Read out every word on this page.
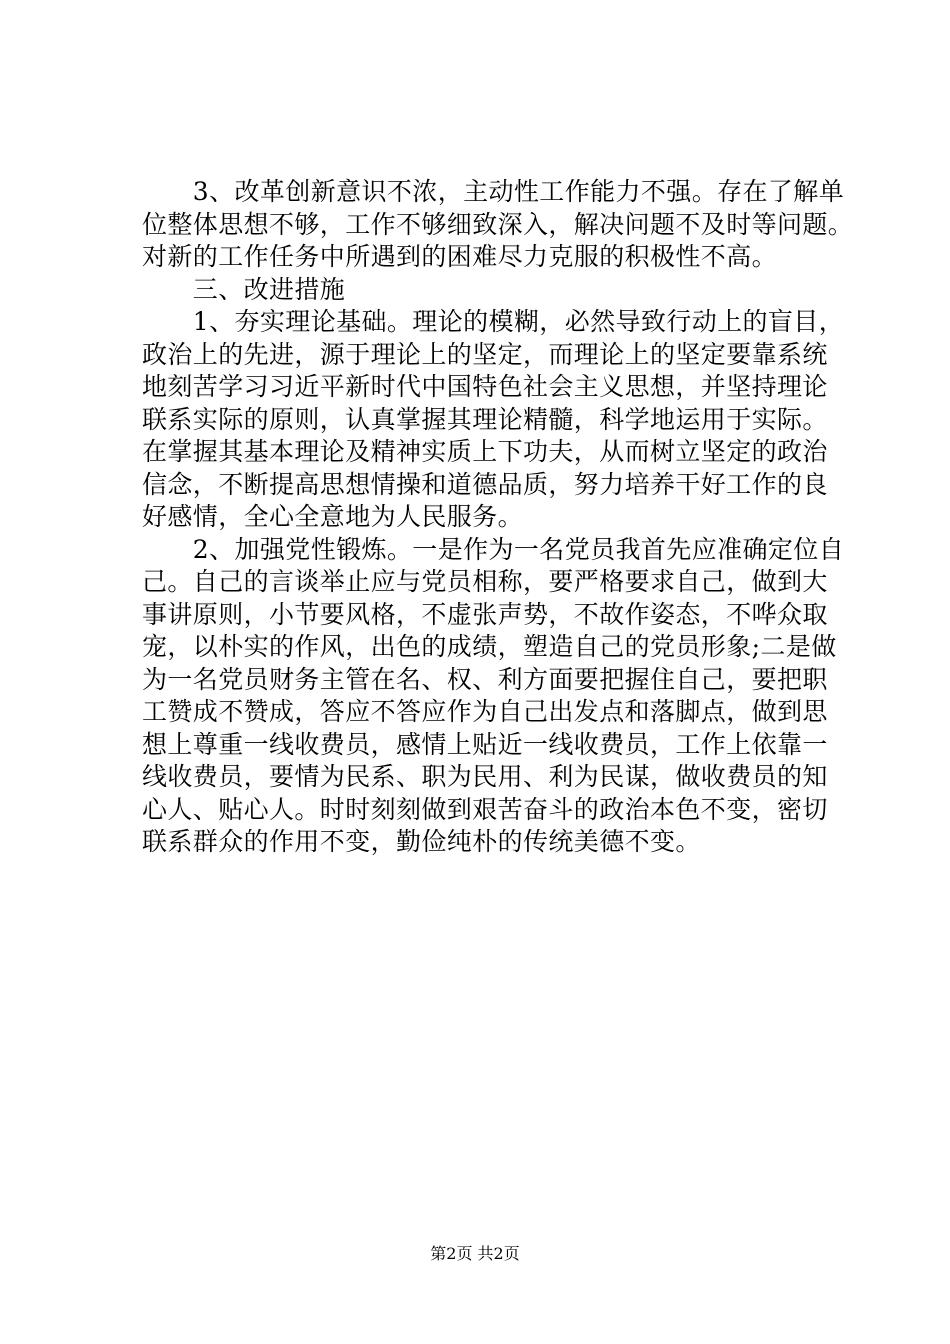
　　3、改革创新意识不浓，主动性工作能力不强。存在了解单
位整体思想不够，工作不够细致深入，解决问题不及时等问题。
对新的工作任务中所遇到的困难尽力克服的积极性不高。
　　三、改进措施
　　1、夯实理论基础。理论的模糊，必然导致行动上的盲目，
政治上的先进，源于理论上的坚定，而理论上的坚定要靠系统
地刻苦学习习近平新时代中国特色社会主义思想，并坚持理论
联系实际的原则，认真掌握其理论精髓，科学地运用于实际。
在掌握其基本理论及精神实质上下功夫，从而树立坚定的政治
信念，不断提高思想情操和道德品质，努力培养干好工作的良
好感情，全心全意地为人民服务。
　　2、加强党性锻炼。一是作为一名党员我首先应准确定位自
己。自己的言谈举止应与党员相称，要严格要求自己，做到大
事讲原则，小节要风格，不虚张声势，不故作姿态，不哗众取
宠，以朴实的作风，出色的成绩，塑造自己的党员形象;二是做
为一名党员财务主管在名、权、利方面要把握住自己，要把职
工赞成不赞成，答应不答应作为自己出发点和落脚点，做到思
想上尊重一线收费员，感情上贴近一线收费员，工作上依靠一
线收费员，要情为民系、职为民用、利为民谋，做收费员的知
心人、贴心人。时时刻刻做到艰苦奋斗的政治本色不变，密切
联系群众的作用不变，勤俭纯朴的传统美德不变。
第2页 共2页
